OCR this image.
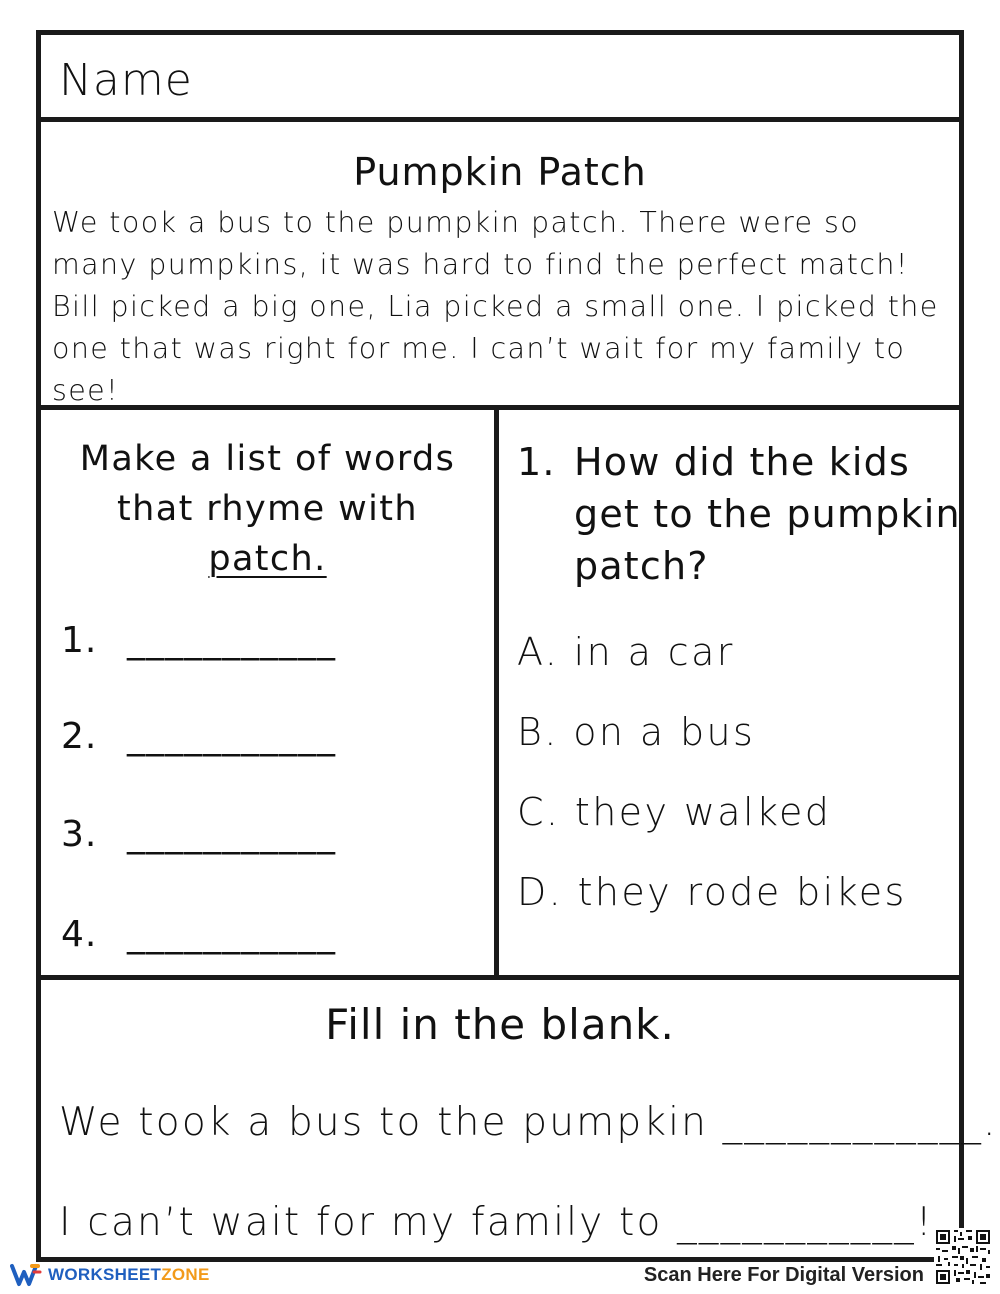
Name
Pumpkin Patch
We took a bus to the pumpkin patch. There were so
many pumpkins, it was hard to find the perfect match!
Bill picked a big one, Lia picked a small one. I picked the
one that was right for me. I can’t wait for my family to
see!
Make a list of words
that rhyme with
patch.
1. ___________
2. ___________
3. ___________
4. ___________
1. How did the kids
get to the pumpkin
patch?
A. in a car
B. on a bus
C. they walked
D. they rode bikes
Fill in the blank.
We took a bus to the pumpkin ____________.
I can’t wait for my family to ___________!
WORKSHEETZONE	Scan Here For Digital Version
